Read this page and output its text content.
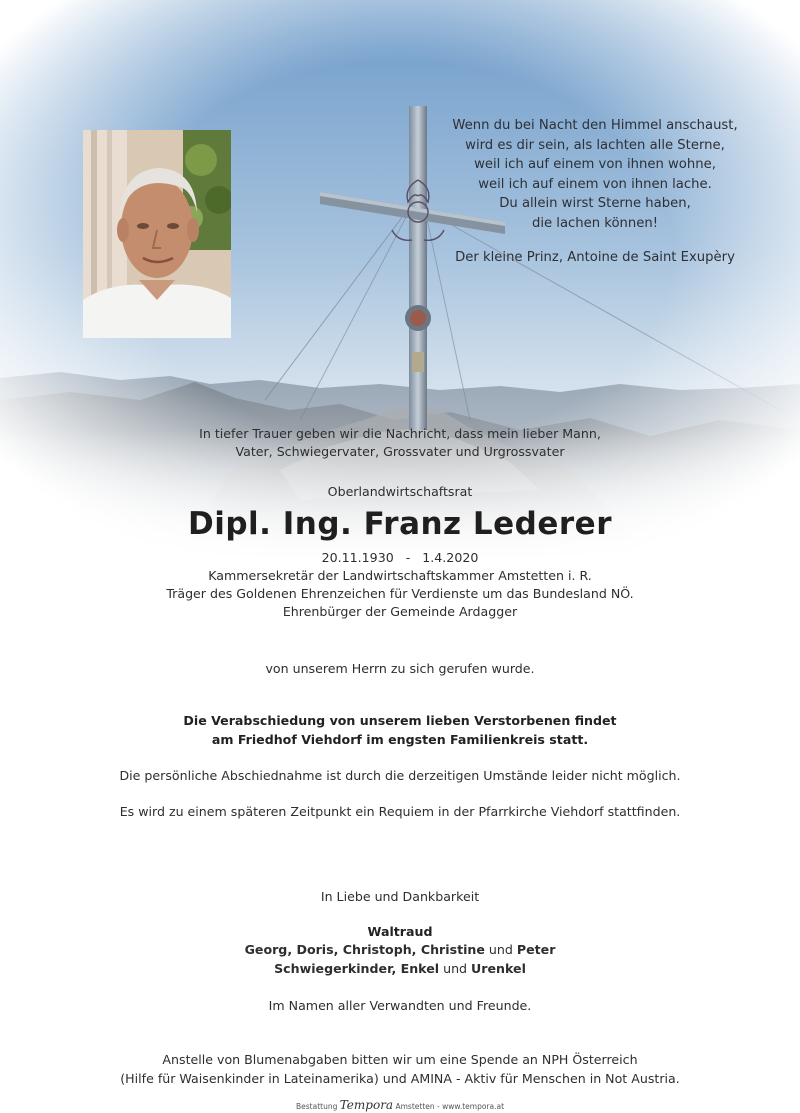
Wenn du bei Nacht den Himmel anschaust,
wird es dir sein, als lachten alle Sterne,
weil ich auf einem von ihnen wohne,
weil ich auf einem von ihnen lache.
Du allein wirst Sterne haben,
die lachen können!
Der kleine Prinz, Antoine de Saint Exupèry
In tiefer Trauer geben wir die Nachricht, dass mein lieber Mann,
Vater, Schwiegervater, Grossvater und Urgrossvater
Oberlandwirtschaftsrat
Dipl. Ing. Franz Lederer
20.11.1930   -   1.4.2020
Kammersekretär der Landwirtschaftskammer Amstetten i. R.
Träger des Goldenen Ehrenzeichen für Verdienste um das Bundesland NÖ.
Ehrenbürger der Gemeinde Ardagger
von unserem Herrn zu sich gerufen wurde.
Die Verabschiedung von unserem lieben Verstorbenen findet
am Friedhof Viehdorf im engsten Familienkreis statt.
Die persönliche Abschiednahme ist durch die derzeitigen Umstände leider nicht möglich.
Es wird zu einem späteren Zeitpunkt ein Requiem in der Pfarrkirche Viehdorf stattfinden.
In Liebe und Dankbarkeit
Waltraud
Georg, Doris, Christoph, Christine und Peter
Schwiegerkinder, Enkel und Urenkel
Im Namen aller Verwandten und Freunde.
Anstelle von Blumenabgaben bitten wir um eine Spende an NPH Österreich
(Hilfe für Waisenkinder in Lateinamerika) und AMINA - Aktiv für Menschen in Not Austria.
Bestattung Tempora Amstetten - www.tempora.at
